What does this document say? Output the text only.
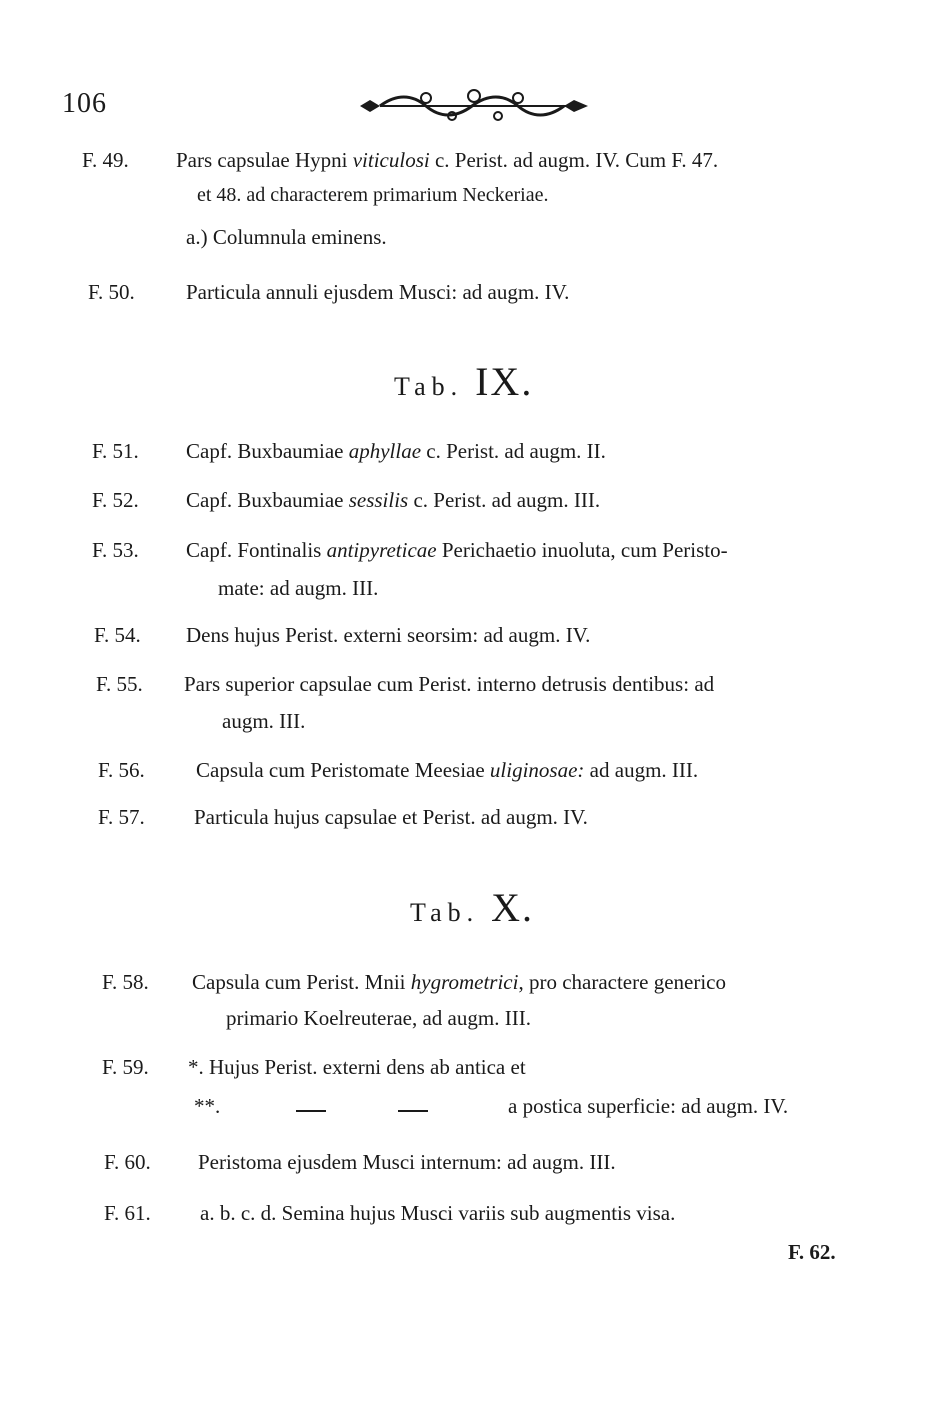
106
F. 49. Pars capsulae Hypni viticulosi c. Perist. ad augm. IV. Cum F. 47.
et 48. ad characterem primarium Neckeriae.
a.) Columnula eminens.
F. 50. Particula annuli ejusdem Musci: ad augm. IV.
Tab. IX.
F. 51. Capf. Buxbaumiae aphyllae c. Perist. ad augm. II.
F. 52. Capf. Buxbaumiae sessilis c. Perist. ad augm. III.
F. 53. Capf. Fontinalis antipyreticae Perichaetio inuoluta, cum Peristo-
mate: ad augm. III.
F. 54. Dens hujus Perist. externi seorsim: ad augm. IV.
F. 55. Pars superior capsulae cum Perist. interno detrusis dentibus: ad
augm. III.
F. 56. Capsula cum Peristomate Meesiae uliginosae: ad augm. III.
F. 57. Particula hujus capsulae et Perist. ad augm. IV.
Tab. X.
F. 58. Capsula cum Perist. Mnii hygrometrici, pro charactere generico
primario Koelreuterae, ad augm. III.
F. 59. *. Hujus Perist. externi dens ab antica et
**.	a postica superficie: ad augm. IV.
F. 60. Peristoma ejusdem Musci internum: ad augm. III.
F. 61. a. b. c. d. Semina hujus Musci variis sub augmentis visa.
F. 62.
